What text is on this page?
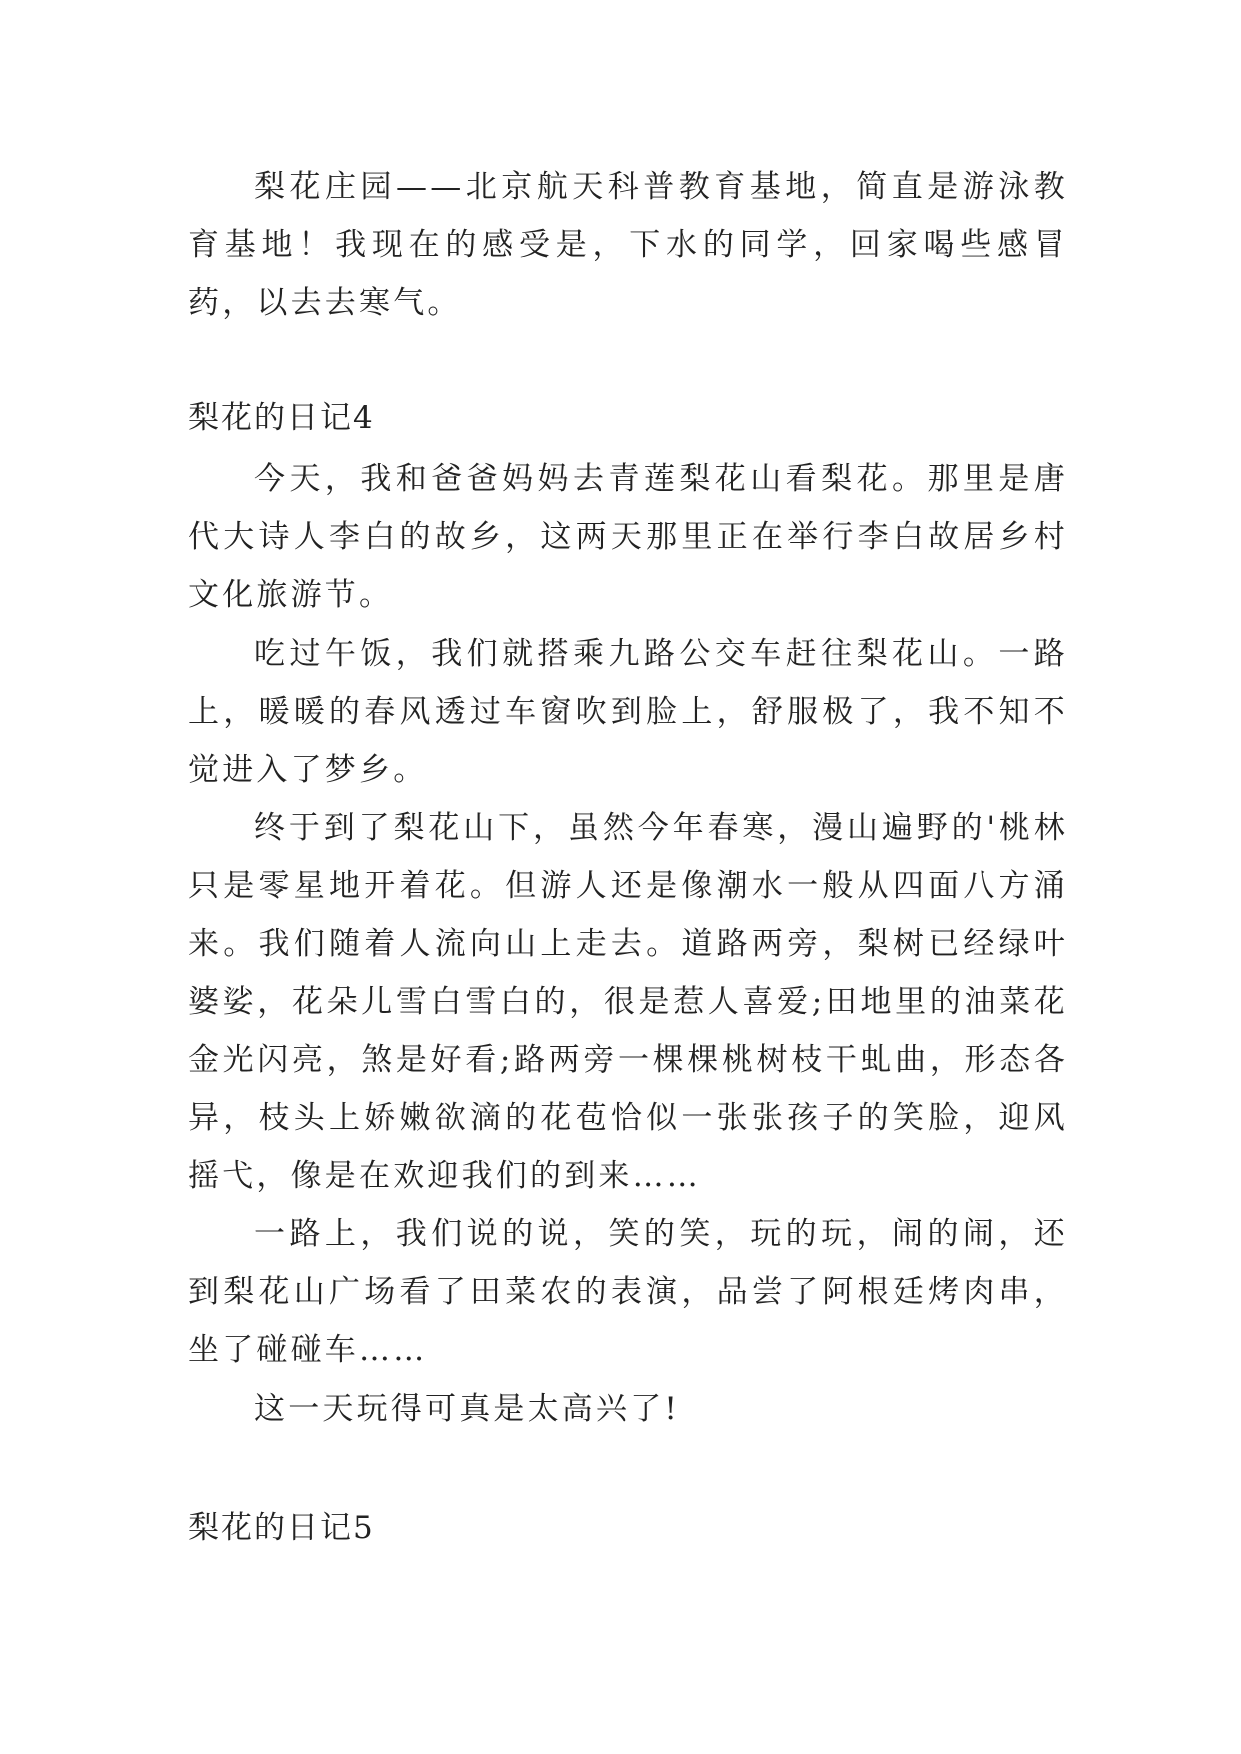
梨花庄园——北京航天科普教育基地，简直是游泳教育基地！我现在的感受是，下水的同学，回家喝些感冒药，以去去寒气。
梨花的日记4
今天，我和爸爸妈妈去青莲梨花山看梨花。那里是唐代大诗人李白的故乡，这两天那里正在举行李白故居乡村文化旅游节。
吃过午饭，我们就搭乘九路公交车赶往梨花山。一路上，暖暖的春风透过车窗吹到脸上，舒服极了，我不知不觉进入了梦乡。
终于到了梨花山下，虽然今年春寒，漫山遍野的'桃林只是零星地开着花。但游人还是像潮水一般从四面八方涌来。我们随着人流向山上走去。道路两旁，梨树已经绿叶婆娑，花朵儿雪白雪白的，很是惹人喜爱;田地里的油菜花金光闪亮，煞是好看;路两旁一棵棵桃树枝干虬曲，形态各异，枝头上娇嫩欲滴的花苞恰似一张张孩子的笑脸，迎风摇弋，像是在欢迎我们的到来……
一路上，我们说的说，笑的笑，玩的玩，闹的闹，还到梨花山广场看了田菜农的表演，品尝了阿根廷烤肉串，坐了碰碰车……
这一天玩得可真是太高兴了!
梨花的日记5
